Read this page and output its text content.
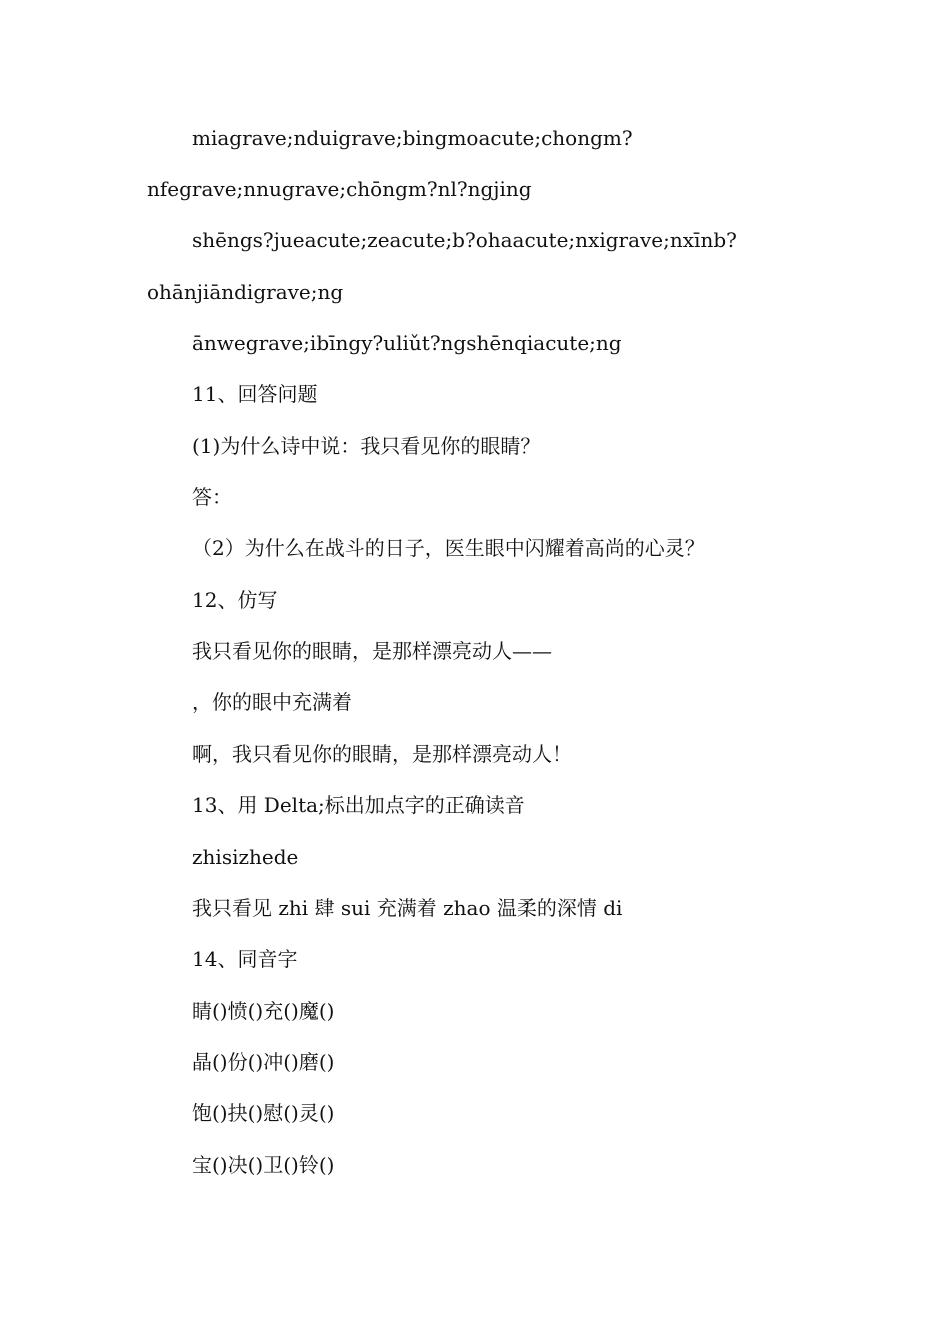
miagrave;nduigrave;bingmoacute;chongm?
nfegrave;nnugrave;chōngm?nl?ngjing
shēngs?jueacute;zeacute;b?ohaacute;nxigrave;nxīnb?
ohānjiāndigrave;ng
ānwegrave;ibīngy?uliǔt?ngshēnqiacute;ng
11、回答问题
(1)为什么诗中说：我只看见你的眼睛？
答：
（2）为什么在战斗的日子，医生眼中闪耀着高尚的心灵？
12、仿写
我只看见你的眼睛，是那样漂亮动人——
，你的眼中充满着
啊，我只看见你的眼睛，是那样漂亮动人！
13、用 Delta;标出加点字的正确读音
zhisizhede
我只看见 zhi 肆 sui 充满着 zhao 温柔的深情 di
14、同音字
睛()愤()充()魔()
晶()份()冲()磨()
饱()抉()慰()灵()
宝()决()卫()铃()
